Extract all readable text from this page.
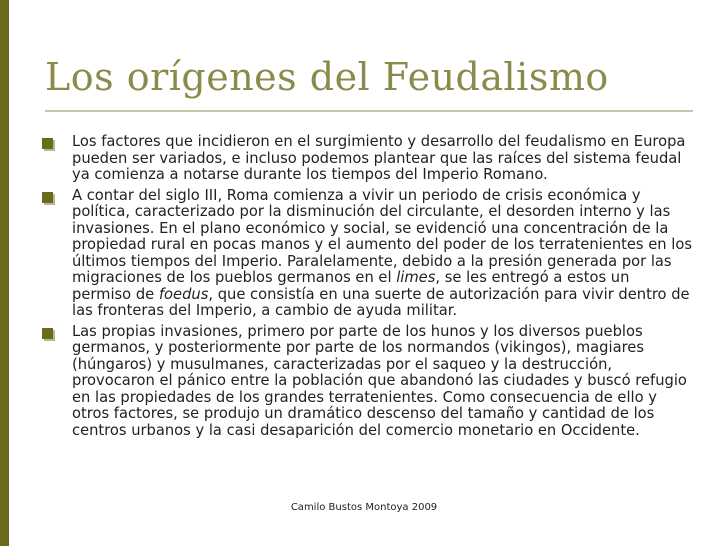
Los orígenes del Feudalismo
Los factores que incidieron en el surgimiento y desarrollo del feudalismo en Europa pueden ser variados, e incluso podemos plantear que las raíces del sistema feudal ya comienza a notarse durante los tiempos del Imperio Romano.
A contar del siglo III, Roma comienza a vivir un periodo de crisis económica y política, caracterizado por la disminución del circulante, el desorden interno y las invasiones. En el plano económico y social, se evidenció una concentración de la propiedad rural en pocas manos y el aumento del poder de los terratenientes en los últimos tiempos del Imperio. Paralelamente, debido a la presión generada por las migraciones de los pueblos germanos en el limes, se les entregó a estos un permiso de foedus, que consistía en una suerte de autorización para vivir dentro de las fronteras del Imperio, a cambio de ayuda militar.
Las propias invasiones, primero por parte de los hunos y los diversos pueblos germanos, y posteriormente por parte de los normandos (vikingos), magiares (húngaros) y musulmanes, caracterizadas por el saqueo y la destrucción, provocaron el pánico entre la población que abandonó las ciudades y buscó refugio en las propiedades de los grandes terratenientes. Como consecuencia de ello y otros factores, se produjo un dramático descenso del tamaño y cantidad de los centros urbanos y la casi desaparición del comercio monetario en Occidente.
Camilo Bustos Montoya 2009
